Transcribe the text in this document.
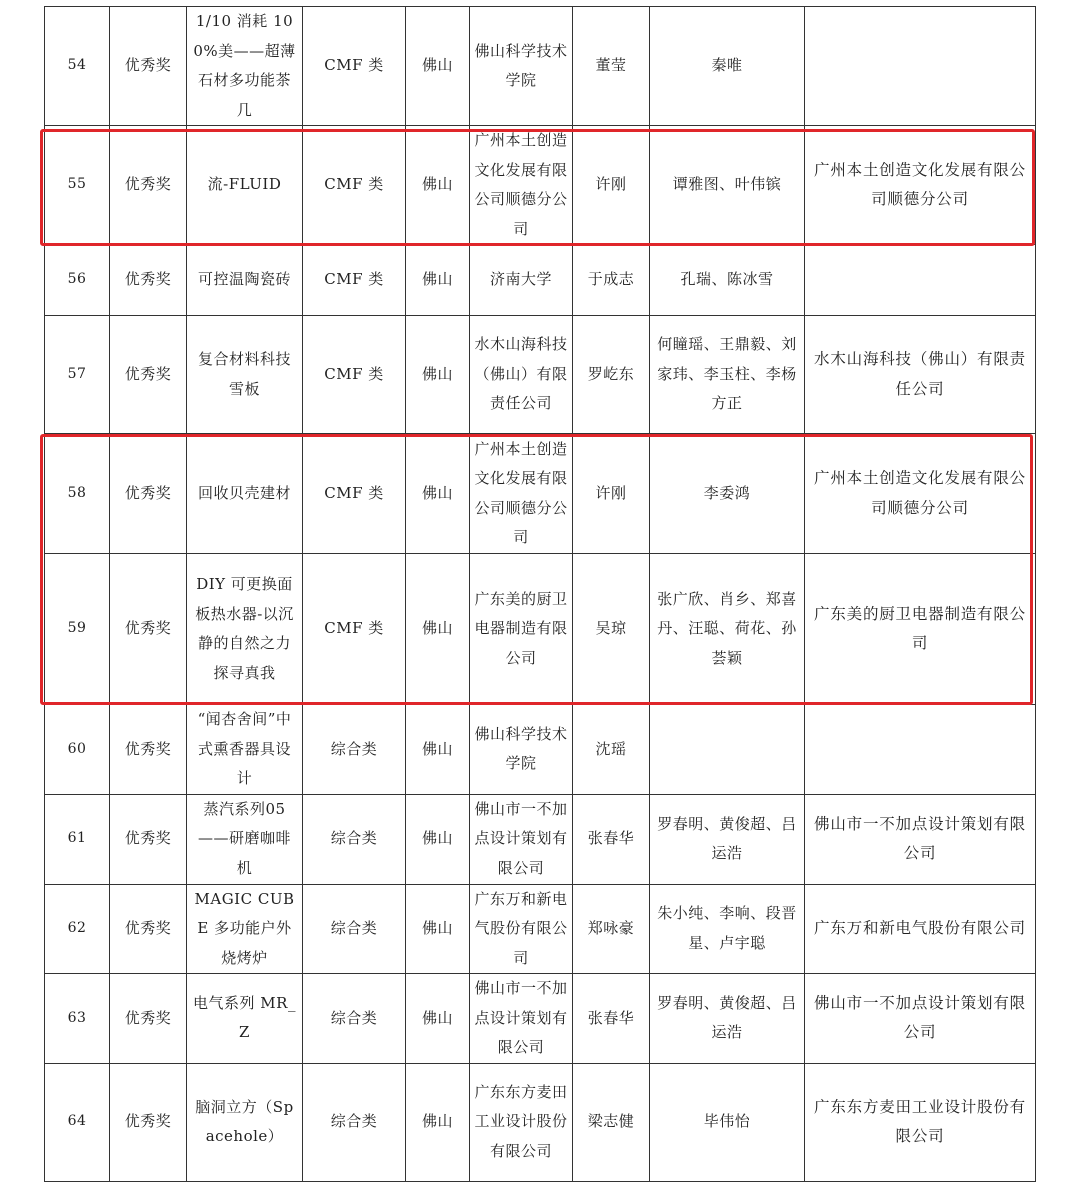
54	优秀奖	1/10 消耗 100%美——超薄石材多功能茶几	CMF 类	佛山	佛山科学技术学院	董莹	秦唯	
55	优秀奖	流-FLUID	CMF 类	佛山	广州本土创造文化发展有限公司顺德分公司	许刚	谭雅图、叶伟镔	广州本土创造文化发展有限公司顺德分公司
56	优秀奖	可控温陶瓷砖	CMF 类	佛山	济南大学	于成志	孔瑞、陈冰雪	
57	优秀奖	复合材料科技雪板	CMF 类	佛山	水木山海科技（佛山）有限责任公司	罗屹东	何瞳瑶、王鼎毅、刘家玮、李玉柱、李杨方正	水木山海科技（佛山）有限责任公司
58	优秀奖	回收贝壳建材	CMF 类	佛山	广州本土创造文化发展有限公司顺德分公司	许刚	李委鸿	广州本土创造文化发展有限公司顺德分公司
59	优秀奖	DIY 可更换面板热水器-以沉静的自然之力探寻真我	CMF 类	佛山	广东美的厨卫电器制造有限公司	吴琼	张广欣、肖乡、郑喜丹、汪聪、荷花、孙荟颖	广东美的厨卫电器制造有限公司
60	优秀奖	“闻杏舍间”中式熏香器具设计	综合类	佛山	佛山科学技术学院	沈瑶		
61	优秀奖	蒸汽系列05——研磨咖啡机	综合类	佛山	佛山市一不加点设计策划有限公司	张春华	罗春明、黄俊超、吕运浩	佛山市一不加点设计策划有限公司
62	优秀奖	MAGIC CUBE 多功能户外烧烤炉	综合类	佛山	广东万和新电气股份有限公司	郑咏豪	朱小纯、李响、段晋星、卢宇聪	广东万和新电气股份有限公司
63	优秀奖	电气系列 MR_Z	综合类	佛山	佛山市一不加点设计策划有限公司	张春华	罗春明、黄俊超、吕运浩	佛山市一不加点设计策划有限公司
64	优秀奖	脑洞立方（Spacehole）	综合类	佛山	广东东方麦田工业设计股份有限公司	梁志健	毕伟怡	广东东方麦田工业设计股份有限公司
